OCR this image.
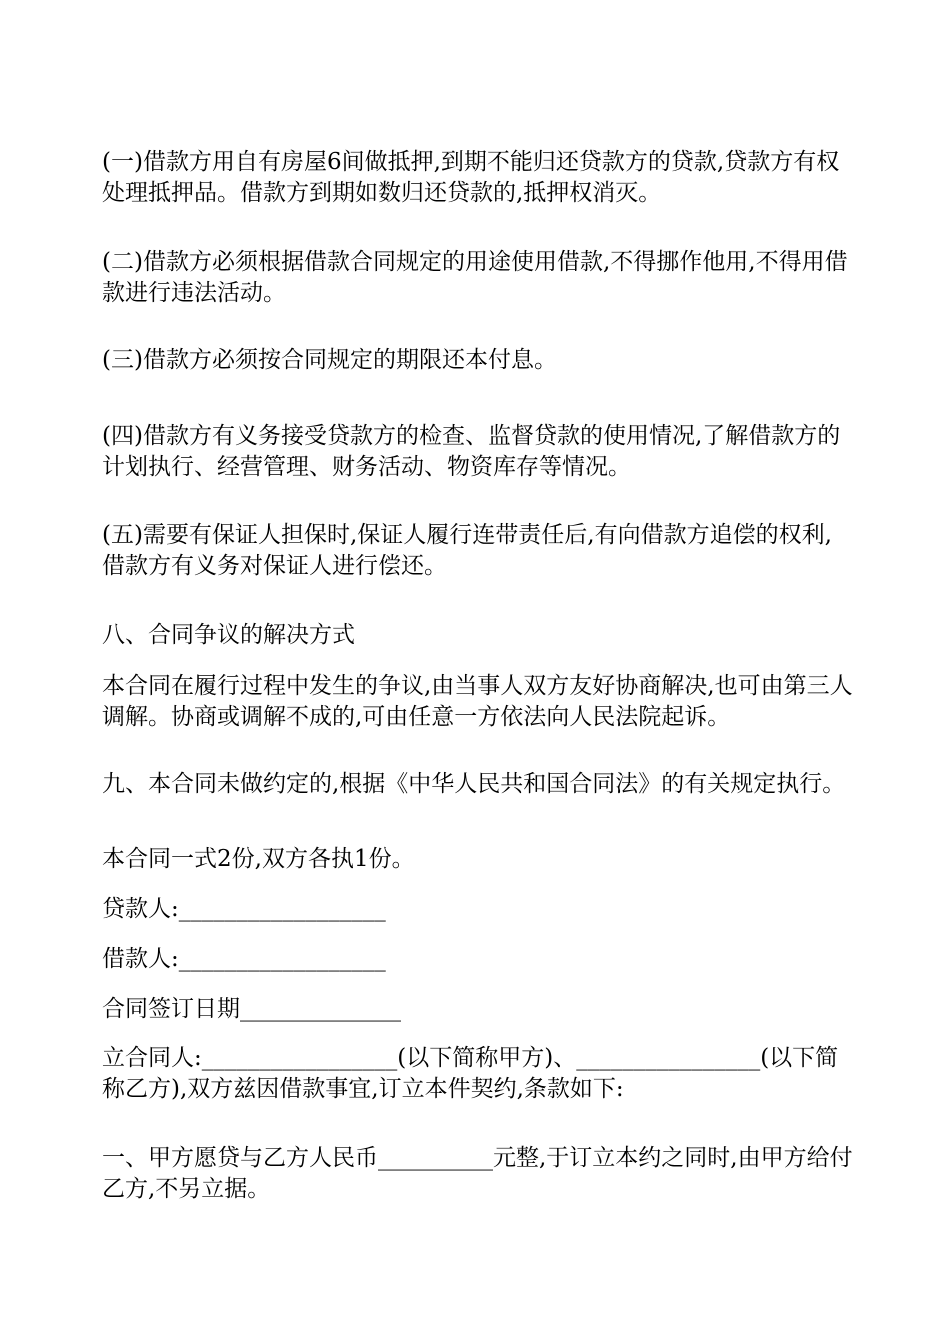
(一)借款方用自有房屋6间做抵押,到期不能归还贷款方的贷款,贷款方有权处理抵押品。借款方到期如数归还贷款的,抵押权消灭。

(二)借款方必须根据借款合同规定的用途使用借款,不得挪作他用,不得用借款进行违法活动。

(三)借款方必须按合同规定的期限还本付息。

(四)借款方有义务接受贷款方的检查、监督贷款的使用情况,了解借款方的计划执行、经营管理、财务活动、物资库存等情况。

(五)需要有保证人担保时,保证人履行连带责任后,有向借款方追偿的权利,借款方有义务对保证人进行偿还。

八、合同争议的解决方式

本合同在履行过程中发生的争议,由当事人双方友好协商解决,也可由第三人调解。协商或调解不成的,可由任意一方依法向人民法院起诉。

九、本合同未做约定的,根据《中华人民共和国合同法》的有关规定执行。

本合同一式2份,双方各执1份。

贷款人:__________________

借款人:__________________

合同签订日期______________

立合同人:_________________(以下简称甲方)、________________(以下简称乙方),双方兹因借款事宜,订立本件契约,条款如下:

一、甲方愿贷与乙方人民币__________元整,于订立本约之同时,由甲方给付乙方,不另立据。
